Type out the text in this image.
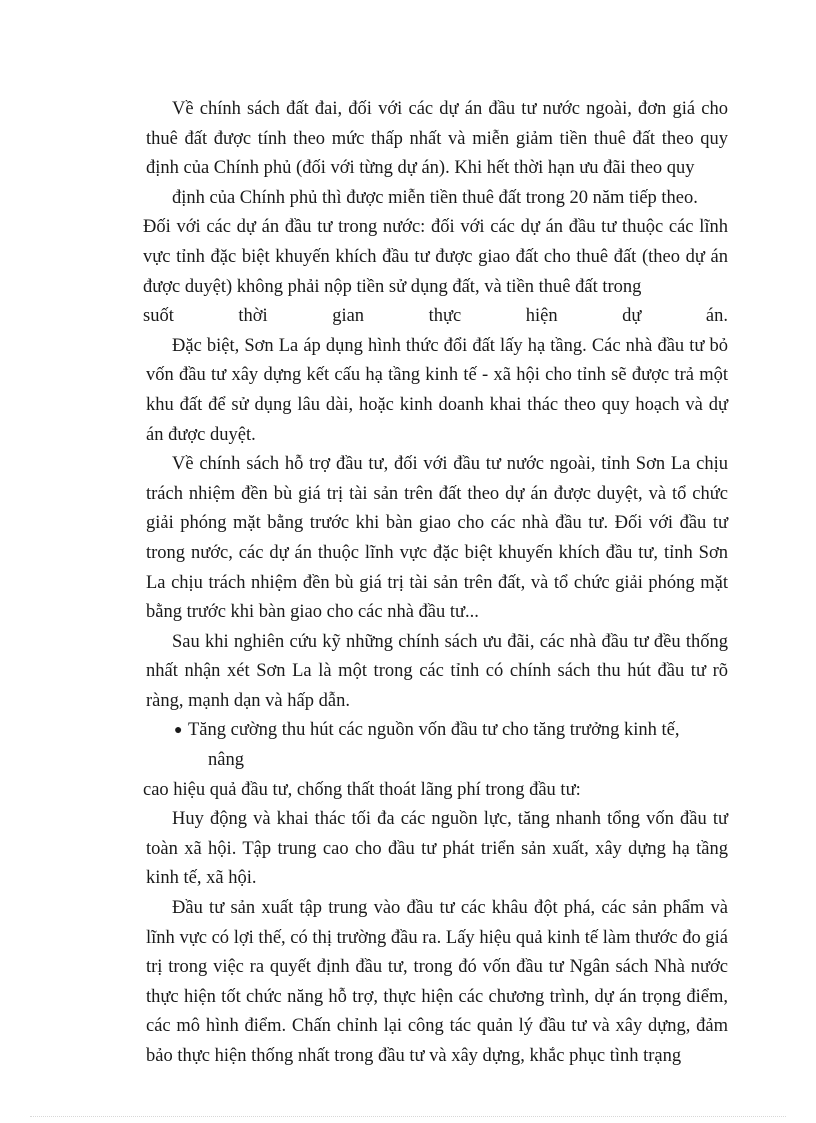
Về chính sách đất đai, đối với các dự án đầu tư nước ngoài, đơn giá cho thuê đất được tính theo mức thấp nhất và miễn giảm tiền thuê đất theo quy định của Chính phủ (đối với từng dự án). Khi hết thời hạn ưu đãi theo quy

định của Chính phủ thì được miễn tiền thuê đất trong 20 năm tiếp theo.

Đối với các dự án đầu tư trong nước: đối với các dự án đầu tư thuộc các lĩnh vực tỉnh đặc biệt khuyến khích đầu tư được giao đất cho thuê đất (theo dự án được duyệt) không phải nộp tiền sử dụng đất, và tiền thuê đất trong

suốt thời gian thực hiện dự án.

Đặc biệt, Sơn La áp dụng hình thức đổi đất lấy hạ tầng. Các nhà đầu tư bỏ vốn đầu tư xây dựng kết cấu hạ tầng kinh tế - xã hội cho tỉnh sẽ được trả một khu đất để sử dụng lâu dài, hoặc kinh doanh khai thác theo quy hoạch và dự án được duyệt.

Về chính sách hỗ trợ đầu tư, đối với đầu tư nước ngoài, tỉnh Sơn La chịu trách nhiệm đền bù giá trị tài sản trên đất theo dự án được duyệt, và tổ chức giải phóng mặt bằng trước khi bàn giao cho các nhà đầu tư. Đối với đầu tư trong nước, các dự án thuộc lĩnh vực đặc biệt khuyến khích đầu tư, tỉnh Sơn La chịu trách nhiệm đền bù giá trị tài sản trên đất, và tổ chức giải phóng mặt bằng trước khi bàn giao cho các nhà đầu tư...

Sau khi nghiên cứu kỹ những chính sách ưu đãi, các nhà đầu tư đều thống nhất nhận xét Sơn La là một trong các tỉnh có chính sách thu hút đầu tư rõ ràng, mạnh dạn và hấp dẫn.

● Tăng cường thu hút các nguồn vốn đầu tư cho tăng trưởng kinh tế,

nâng

cao hiệu quả đầu tư, chống thất thoát lãng phí trong đầu tư:

Huy động và khai thác tối đa các nguồn lực, tăng nhanh tổng vốn đầu tư toàn xã hội. Tập trung cao cho đầu tư phát triển sản xuất, xây dựng hạ tầng kinh tế, xã hội.

Đầu tư sản xuất tập trung vào đầu tư các khâu đột phá, các sản phẩm và lĩnh vực có lợi thế, có thị trường đầu ra. Lấy hiệu quả kinh tế làm thước đo giá trị trong việc ra quyết định đầu tư, trong đó vốn đầu tư Ngân sách Nhà nước thực hiện tốt chức năng hỗ trợ, thực hiện các chương trình, dự án trọng điểm, các mô hình điểm. Chấn chỉnh lại công tác quản lý đầu tư và xây dựng, đảm bảo thực hiện thống nhất trong đầu tư và xây dựng, khắc phục tình trạng
